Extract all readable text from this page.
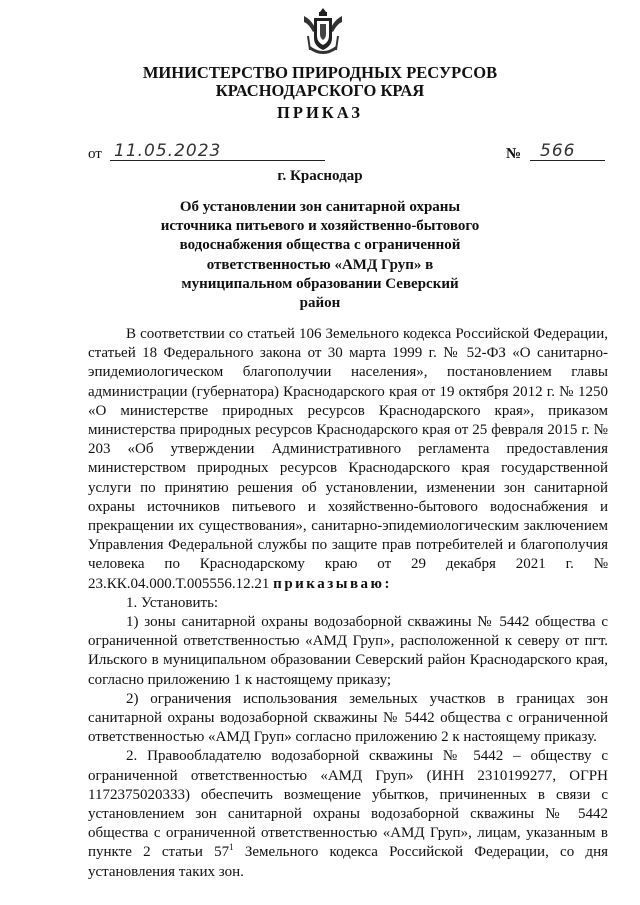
МИНИСТЕРСТВО ПРИРОДНЫХ РЕСУРСОВ
КРАСНОДАРСКОГО КРАЯ
ПРИКАЗ
от 11.05.2023	№ 566
г. Краснодар
Об установлении зон санитарной охраны источника питьевого и хозяйственно-бытового водоснабжения общества с ограниченной ответственностью «АМД Груп» в муниципальном образовании Северский район

В соответствии со статьей 106 Земельного кодекса Российской Федерации, статьей 18 Федерального закона от 30 марта 1999 г. № 52-ФЗ «О санитарно-эпидемиологическом благополучии населения», постановлением главы администрации (губернатора) Краснодарского края от 19 октября 2012 г. № 1250 «О министерстве природных ресурсов Краснодарского края», приказом министерства природных ресурсов Краснодарского края от 25 февраля 2015 г. № 203 «Об утверждении Административного регламента предоставления министерством природных ресурсов Краснодарского края государственной услуги по принятию решения об установлении, изменении зон санитарной охраны источников питьевого и хозяйственно-бытового водоснабжения и прекращении их существования», санитарно-эпидемиологическим заключением Управления Федеральной службы по защите прав потребителей и благополучия человека по Краснодарскому краю от 29 декабря 2021 г. № 23.КК.04.000.Т.005556.12.21 приказываю:

1. Установить:

1) зоны санитарной охраны водозаборной скважины № 5442 общества с ограниченной ответственностью «АМД Груп», расположенной к северу от пгт. Ильского в муниципальном образовании Северский район Краснодарского края, согласно приложению 1 к настоящему приказу;

2) ограничения использования земельных участков в границах зон санитарной охраны водозаборной скважины № 5442 общества с ограниченной ответственностью «АМД Груп» согласно приложению 2 к настоящему приказу.

2. Правообладателю водозаборной скважины № 5442 – обществу с ограниченной ответственностью «АМД Груп» (ИНН 2310199277, ОГРН 1172375020333) обеспечить возмещение убытков, причиненных в связи с установлением зон санитарной охраны водозаборной скважины № 5442 общества с ограниченной ответственностью «АМД Груп», лицам, указанным в пункте 2 статьи $57^1$ Земельного кодекса Российской Федерации, со дня установления таких зон.
